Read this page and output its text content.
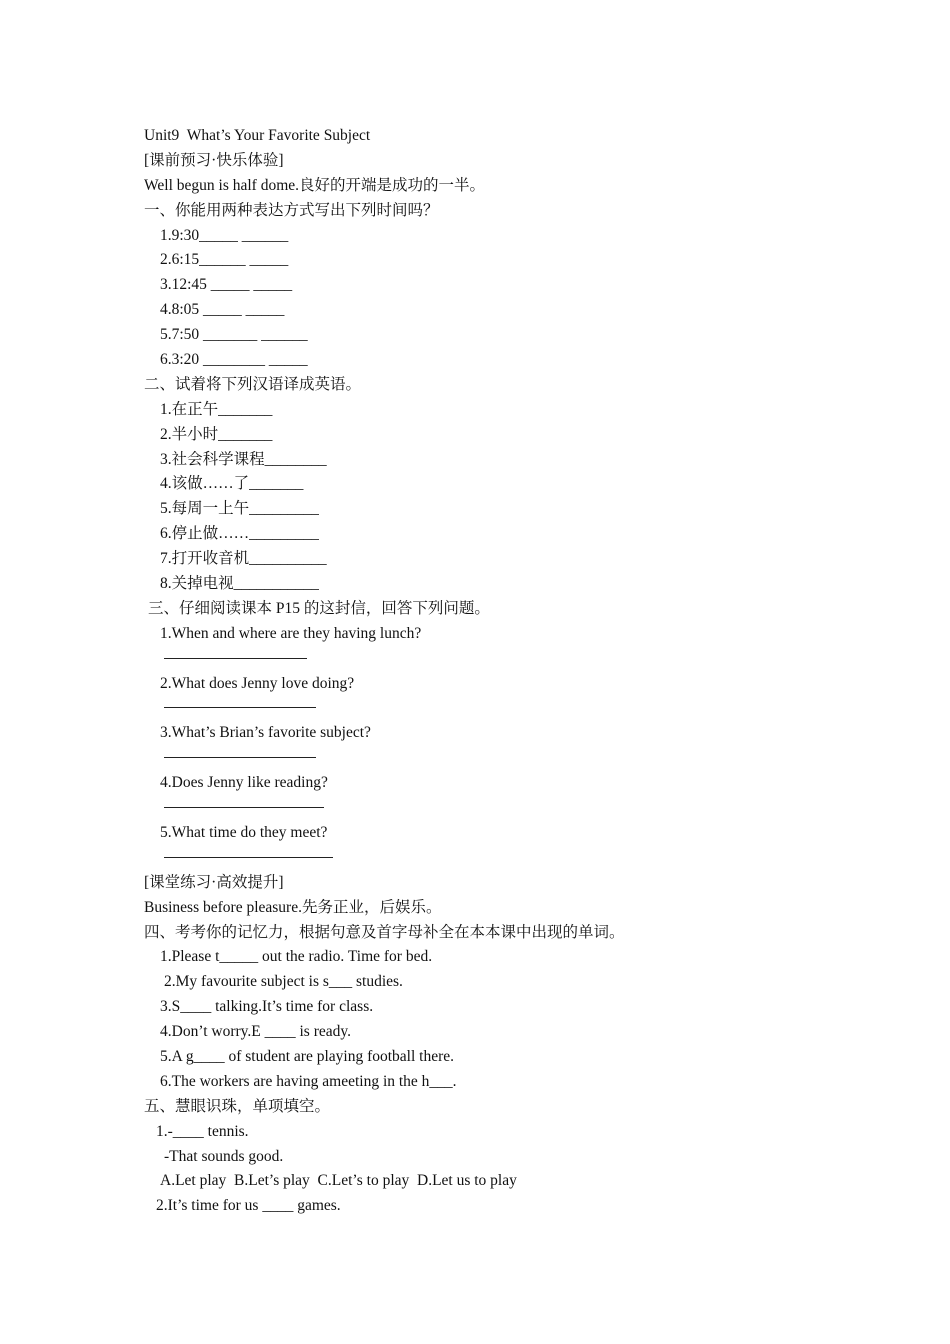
Unit9  What’s Your Favorite Subject
[课前预习·快乐体验]
Well begun is half dome.良好的开端是成功的一半。
一、你能用两种表达方式写出下列时间吗？
1.9:30_____ ______
2.6:15______ _____
3.12:45 _____ _____
4.8:05 _____ _____
5.7:50 _______ ______
6.3:20 ________ _____
二、试着将下列汉语译成英语。
1.在正午_______
2.半小时_______
3.社会科学课程________
4.该做……了_______
5.每周一上午_________
6.停止做……_________
7.打开收音机__________
8.关掉电视___________
三、仔细阅读课本 P15 的这封信，回答下列问题。
1.When and where are they having lunch?
2.What does Jenny love doing?
3.What’s Brian’s favorite subject?
4.Does Jenny like reading?
5.What time do they meet?
[课堂练习·高效提升]
Business before pleasure.先务正业，后娱乐。
四、考考你的记忆力，根据句意及首字母补全在本本课中出现的单词。
1.Please t_____ out the radio. Time for bed.
2.My favourite subject is s___ studies.
3.S____ talking.It’s time for class.
4.Don’t worry.E ____ is ready.
5.A g____ of student are playing football there.
6.The workers are having ameeting in the h___.
五、慧眼识珠，单项填空。
1.-____ tennis.
-That sounds good.
A.Let play  B.Let’s play  C.Let’s to play  D.Let us to play
2.It’s time for us ____ games.
